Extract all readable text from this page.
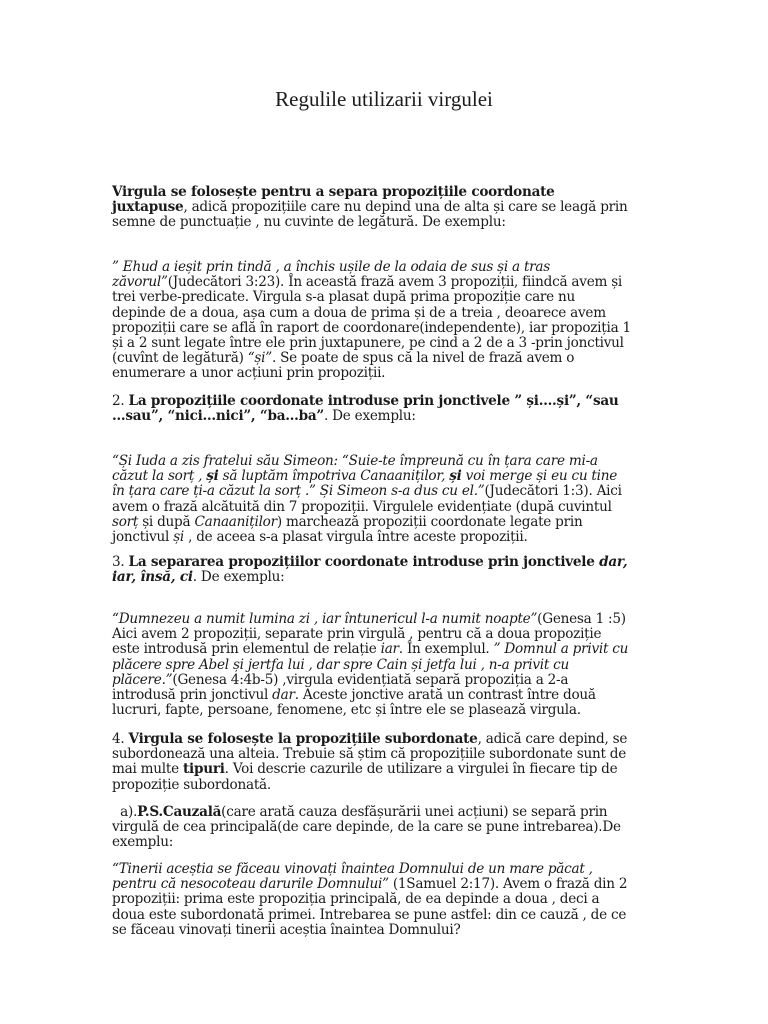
Regulile utilizarii virgulei

Virgula se folosește pentru a separa propozițiile coordonate juxtapuse, adică propozițiile care nu depind una de alta și care se leagă prin semne de punctuație , nu cuvinte de legătură. De exemplu:

” Ehud a ieșit prin tindă , a închis ușile de la odaia de sus și a tras zăvorul”(Judecători 3:23). În această frază avem 3 propoziții, fiindcă avem și trei verbe-predicate. Virgula s-a plasat după prima propoziție care nu depinde de a doua, așa cum a doua de prima și de a treia , deoarece avem propoziții care se află în raport de coordonare(independente), iar propoziția 1 și a 2 sunt legate între ele prin juxtapunere, pe cind a 2 de a 3 -prin jonctivul (cuvînt de legătură) “și”. Se poate de spus că la nivel de frază avem o enumerare a unor acțiuni prin propoziții.

2. La propozițiile coordonate introduse prin jonctivele ” și….și”, “sau …sau”, “nici…nici”, “ba…ba”. De exemplu:

“Și Iuda a zis fratelui său Simeon: “Suie-te împreună cu în țara care mi-a căzut la sorț , și să luptăm împotriva Canaaniților, și voi merge și eu cu tine în țara care ți-a căzut la sorț .” Și Simeon s-a dus cu el.”(Judecători 1:3). Aici avem o frază alcătuită din 7 propoziții. Virgulele evidențiate (după cuvintul sorț și după Canaaniților) marchează propoziții coordonate legate prin jonctivul și , de aceea s-a plasat virgula între aceste propoziții.

3. La separarea propozițiilor coordonate introduse prin jonctivele dar, iar, însă, ci. De exemplu:

“Dumnezeu a numit lumina zi , iar întunericul l-a numit noapte”(Genesa 1 :5) Aici avem 2 propoziții, separate prin virgulă , pentru că a doua propoziție este introdusă prin elementul de relație iar. În exemplul. ” Domnul a privit cu plăcere spre Abel și jertfa lui , dar spre Cain și jetfa lui , n-a privit cu plăcere.”(Genesa 4:4b-5) ,virgula evidențiată separă propoziția a 2-a introdusă prin jonctivul dar. Aceste jonctive arată un contrast între două lucruri, fapte, persoane, fenomene, etc și între ele se plasează virgula.

4. Virgula se folosește la propozițiile subordonate, adică care depind, se subordonează una alteia. Trebuie să știm că propozițiile subordonate sunt de mai multe tipuri. Voi descrie cazurile de utilizare a virgulei în fiecare tip de propoziție subordonată.

a).P.S.Cauzală(care arată cauza desfășurării unei acțiuni) se separă prin virgulă de cea principală(de care depinde, de la care se pune intrebarea).De exemplu:

“Tinerii aceștia se făceau vinovați înaintea Domnului de un mare păcat , pentru că nesocoteau darurile Domnului” (1Samuel 2:17). Avem o frază din 2 propoziții: prima este propoziția principală, de ea depinde a doua , deci a doua este subordonată primei. Intrebarea se pune astfel: din ce cauză , de ce se făceau vinovați tinerii aceștia înaintea Domnului?
